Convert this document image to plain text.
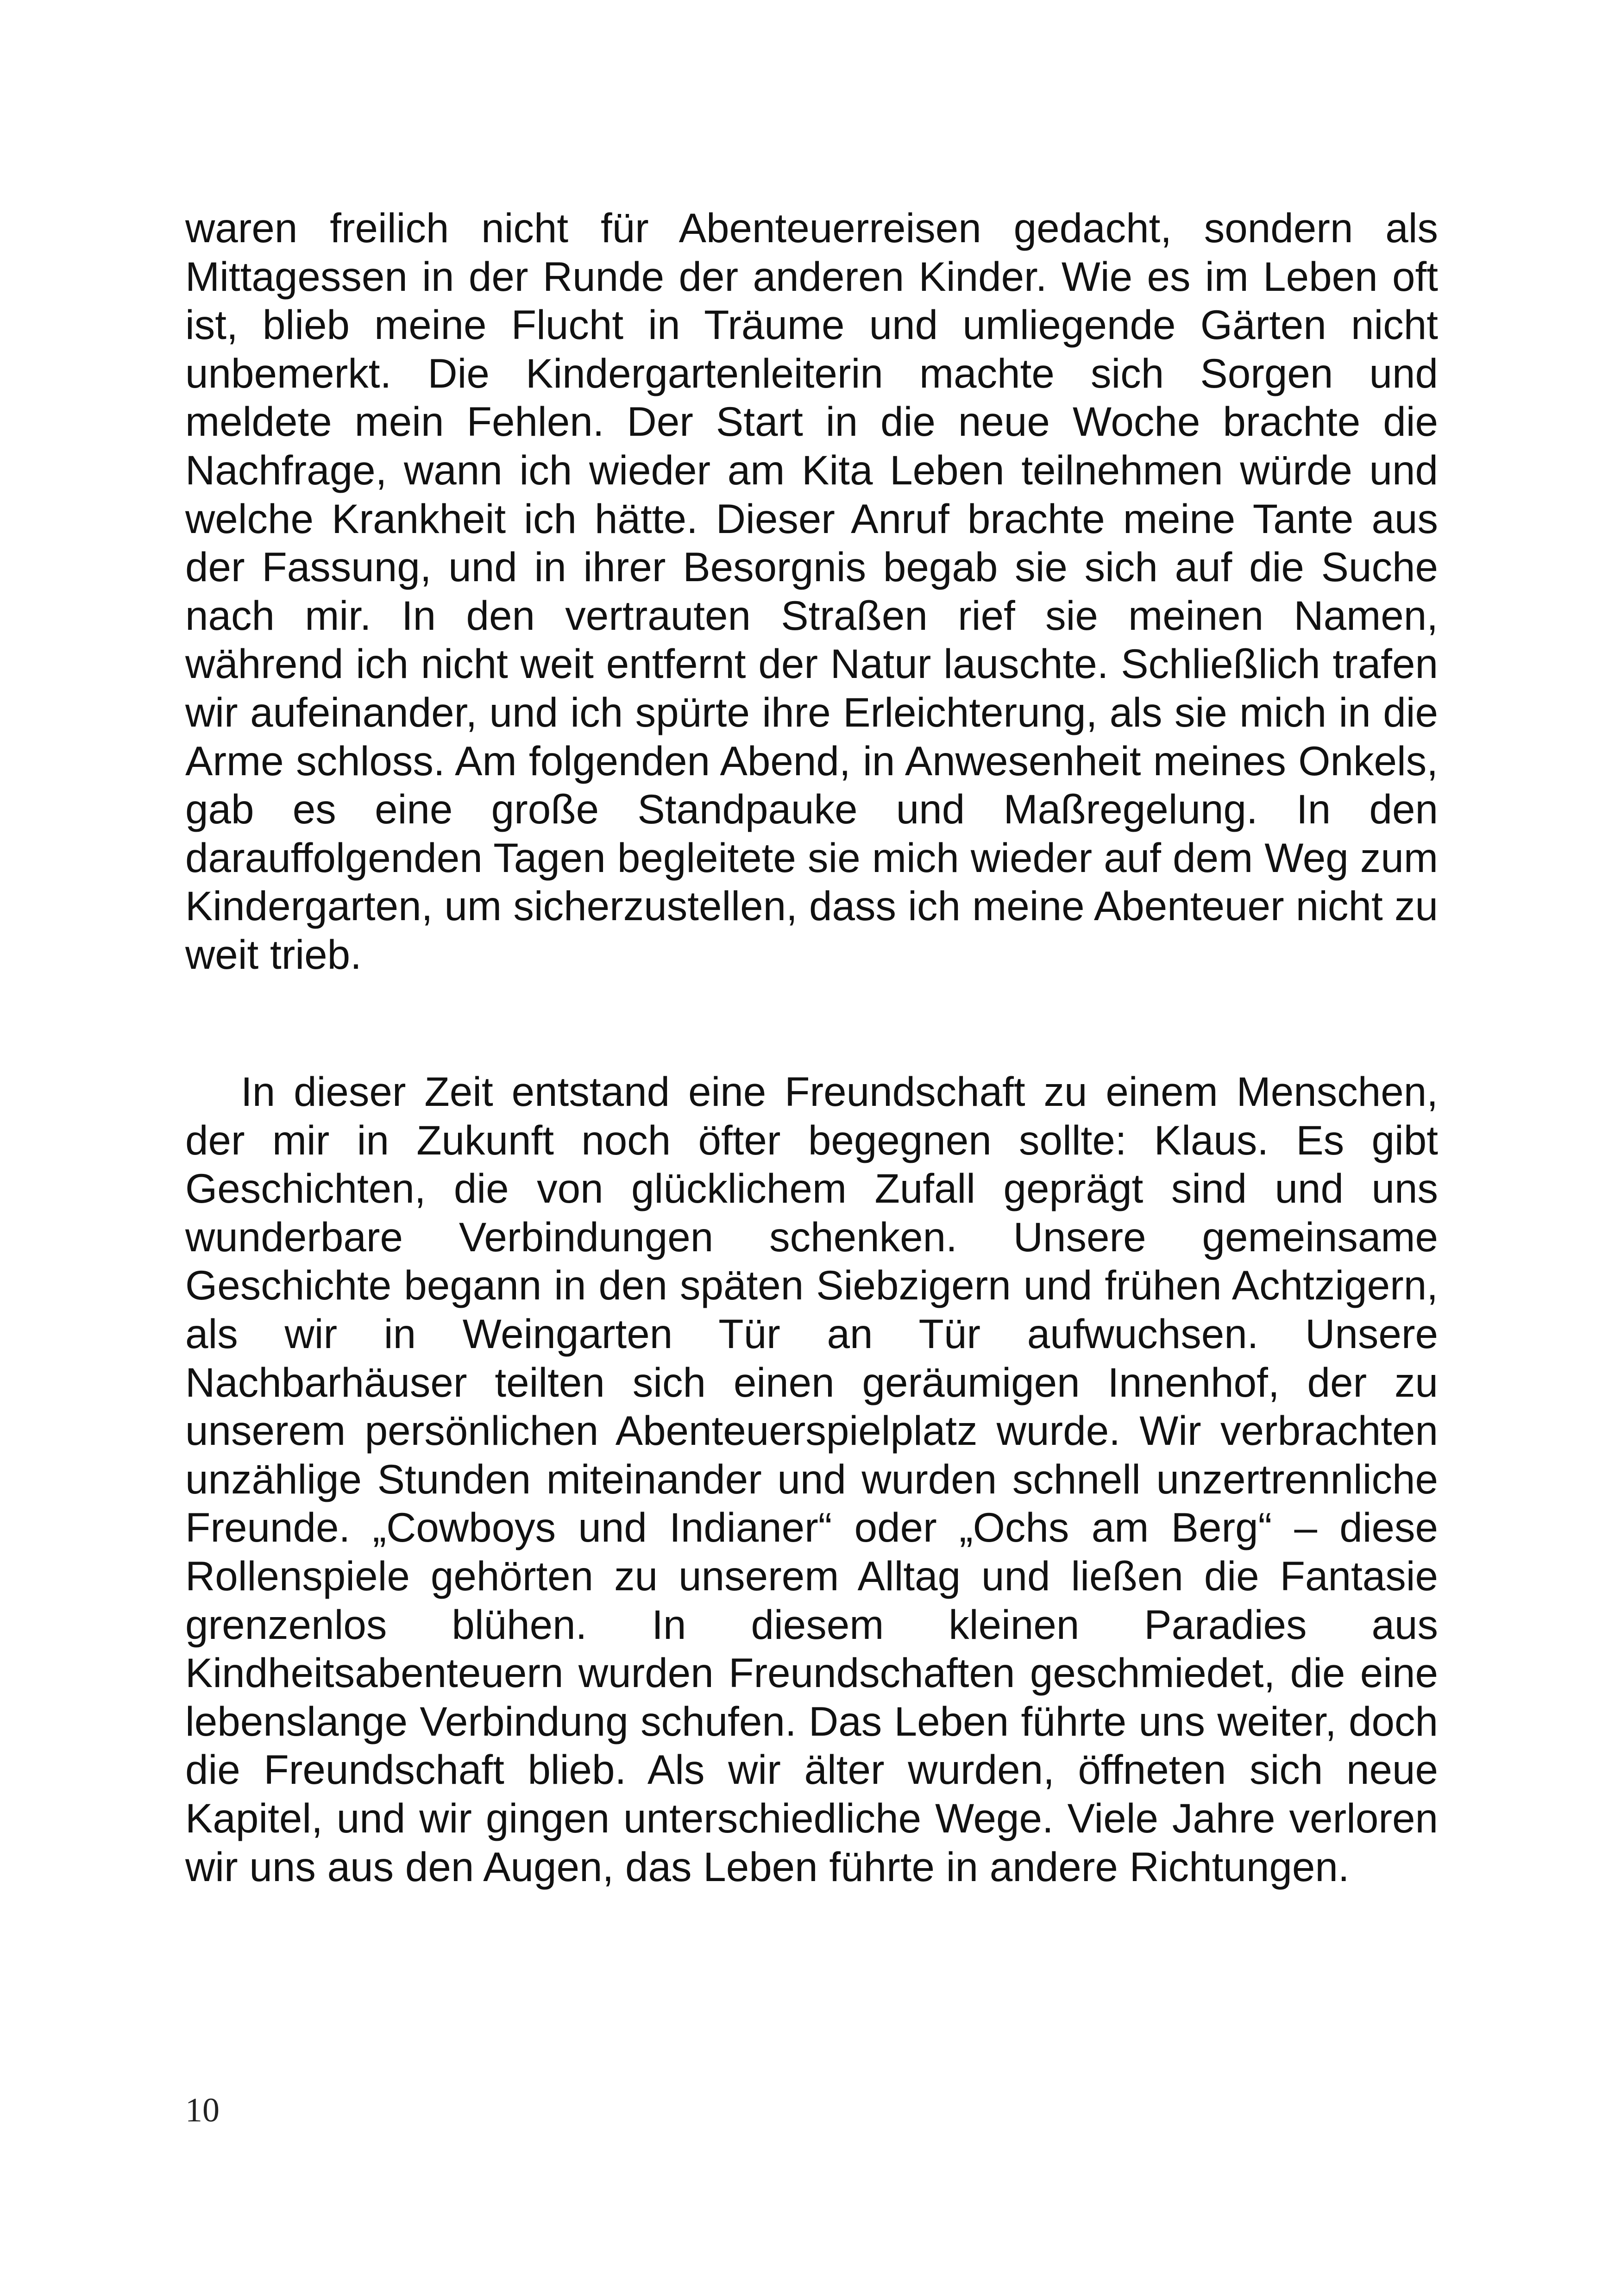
waren freilich nicht für Abenteuerreisen gedacht, sondern als Mittagessen in der Runde der anderen Kinder. Wie es im Leben oft ist, blieb meine Flucht in Träume und umliegende Gärten nicht unbemerkt. Die Kindergartenleiterin machte sich Sorgen und meldete mein Fehlen. Der Start in die neue Woche brachte die Nachfrage, wann ich wieder am Kita Leben teilnehmen würde und welche Krankheit ich hätte. Dieser Anruf brachte meine Tante aus der Fassung, und in ihrer Besorgnis begab sie sich auf die Suche nach mir. In den vertrauten Straßen rief sie meinen Namen, während ich nicht weit entfernt der Natur lauschte. Schließlich trafen wir aufeinander, und ich spürte ihre Erleichterung, als sie mich in die Arme schloss. Am folgenden Abend, in Anwesenheit meines Onkels, gab es eine große Standpauke und Maßregelung. In den darauffolgenden Tagen begleitete sie mich wieder auf dem Weg zum Kindergarten, um sicherzustellen, dass ich meine Abenteuer nicht zu weit trieb.

In dieser Zeit entstand eine Freundschaft zu einem Menschen, der mir in Zukunft noch öfter begegnen sollte: Klaus. Es gibt Geschichten, die von glücklichem Zufall geprägt sind und uns wunderbare Verbindungen schenken. Unsere gemeinsame Geschichte begann in den späten Siebzigern und frühen Achtzigern, als wir in Weingarten Tür an Tür aufwuchsen. Unsere Nachbarhäuser teilten sich einen geräumigen Innenhof, der zu unserem persönlichen Abenteuerspielplatz wurde. Wir verbrachten unzählige Stunden miteinander und wurden schnell unzertrennliche Freunde. „Cowboys und Indianer“ oder „Ochs am Berg“ – diese Rollenspiele gehörten zu unserem Alltag und ließen die Fantasie grenzenlos blühen. In diesem kleinen Paradies aus Kindheitsabenteuern wurden Freundschaften geschmiedet, die eine lebenslange Verbindung schufen. Das Leben führte uns weiter, doch die Freundschaft blieb. Als wir älter wurden, öffneten sich neue Kapitel, und wir gingen unterschiedliche Wege. Viele Jahre verloren wir uns aus den Augen, das Leben führte in andere Richtungen.

10
